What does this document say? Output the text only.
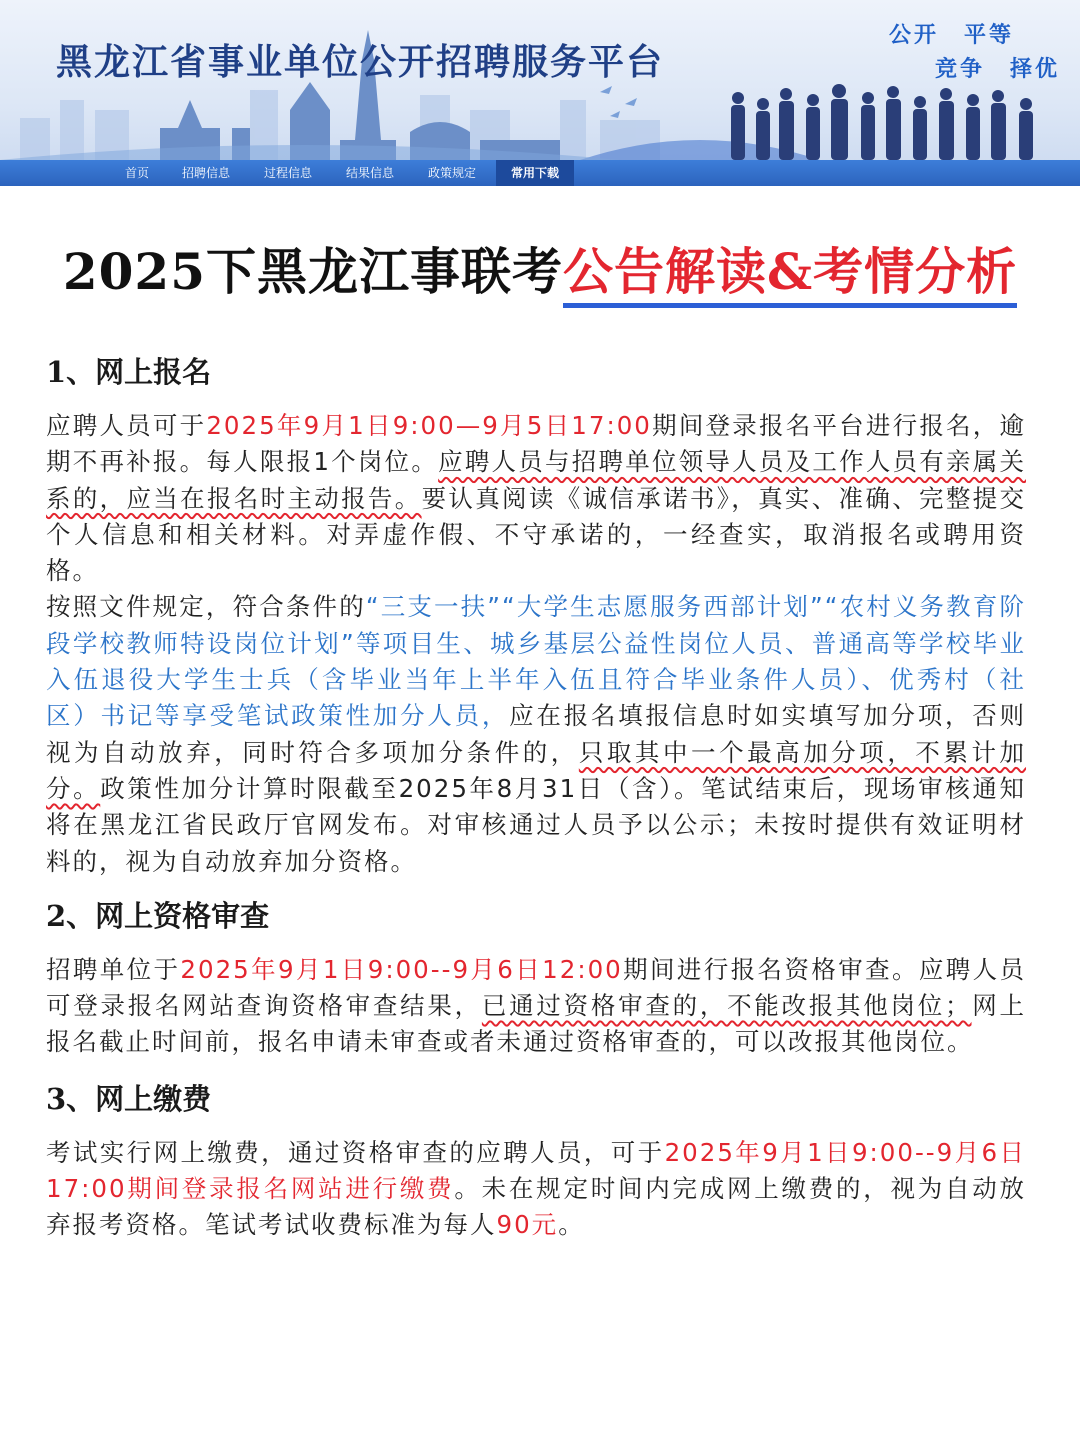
黑龙江省事业单位公开招聘服务平台
公开　平等
竞争　择优
首页	招聘信息	过程信息	结果信息	政策规定	常用下载
2025下黑龙江事联考公告解读&考情分析
1、网上报名

应聘人员可于2025年9月1日9:00—9月5日17:00期间登录报名平台进行报名，逾期不再补报。每人限报1个岗位。应聘人员与招聘单位领导人员及工作人员有亲属关系的，应当在报名时主动报告。要认真阅读《诚信承诺书》，真实、准确、完整提交个人信息和相关材料。对弄虚作假、不守承诺的，一经查实，取消报名或聘用资格。

按照文件规定，符合条件的“三支一扶”“大学生志愿服务西部计划”“农村义务教育阶段学校教师特设岗位计划”等项目生、城乡基层公益性岗位人员、普通高等学校毕业入伍退役大学生士兵（含毕业当年上半年入伍且符合毕业条件人员）、优秀村（社区）书记等享受笔试政策性加分人员，应在报名填报信息时如实填写加分项，否则视为自动放弃，同时符合多项加分条件的，只取其中一个最高加分项，不累计加分。政策性加分计算时限截至2025年8月31日（含）。笔试结束后，现场审核通知将在黑龙江省民政厅官网发布。对审核通过人员予以公示；未按时提供有效证明材料的，视为自动放弃加分资格。

2、网上资格审查

招聘单位于2025年9月1日9:00--9月6日12:00期间进行报名资格审查。应聘人员可登录报名网站查询资格审查结果，已通过资格审查的，不能改报其他岗位；网上报名截止时间前，报名申请未审查或者未通过资格审查的，可以改报其他岗位。

3、网上缴费

考试实行网上缴费，通过资格审查的应聘人员，可于2025年9月1日9:00--9月6日17:00期间登录报名网站进行缴费。未在规定时间内完成网上缴费的，视为自动放弃报考资格。笔试考试收费标准为每人90元。
